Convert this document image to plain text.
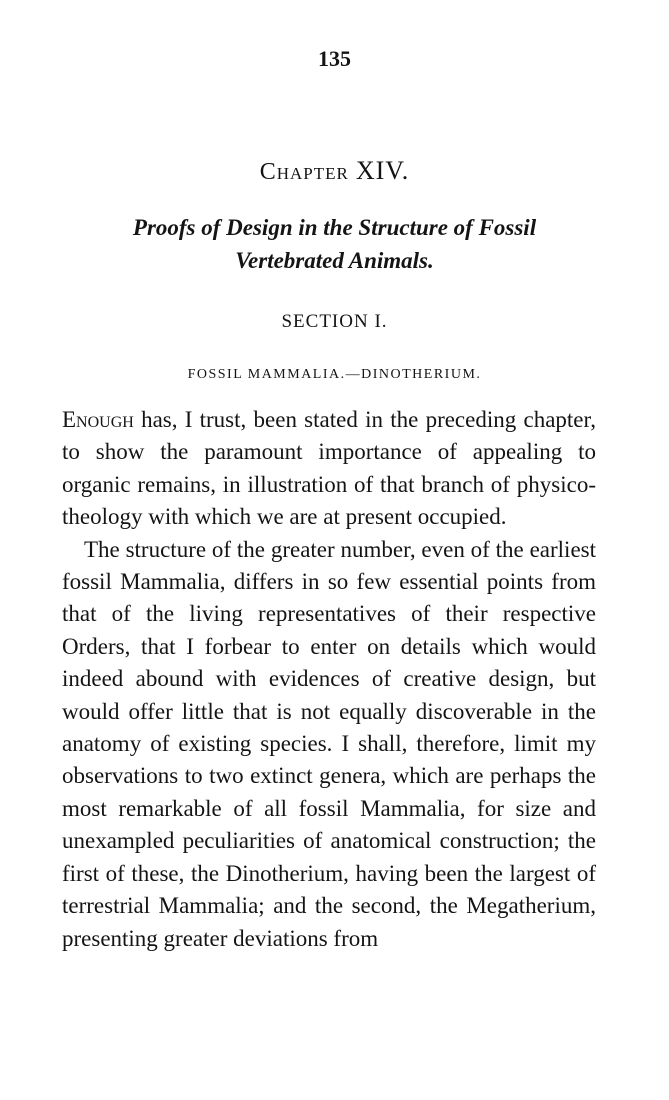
135
Chapter XIV.
Proofs of Design in the Structure of Fossil
Vertebrated Animals.
SECTION I.
FOSSIL MAMMALIA.—DINOTHERIUM.

Enough has, I trust, been stated in the preceding chapter, to show the paramount importance of appealing to organic remains, in illustration of that branch of physico-theology with which we are at present occupied.

The structure of the greater number, even of the earliest fossil Mammalia, differs in so few essential points from that of the living representatives of their respective Orders, that I forbear to enter on details which would indeed abound with evidences of creative design, but would offer little that is not equally discoverable in the anatomy of existing species. I shall, therefore, limit my observations to two extinct genera, which are perhaps the most remarkable of all fossil Mammalia, for size and unexampled peculiarities of anatomical construction; the first of these, the Dinotherium, having been the largest of terrestrial Mammalia; and the second, the Megatherium, presenting greater deviations from
